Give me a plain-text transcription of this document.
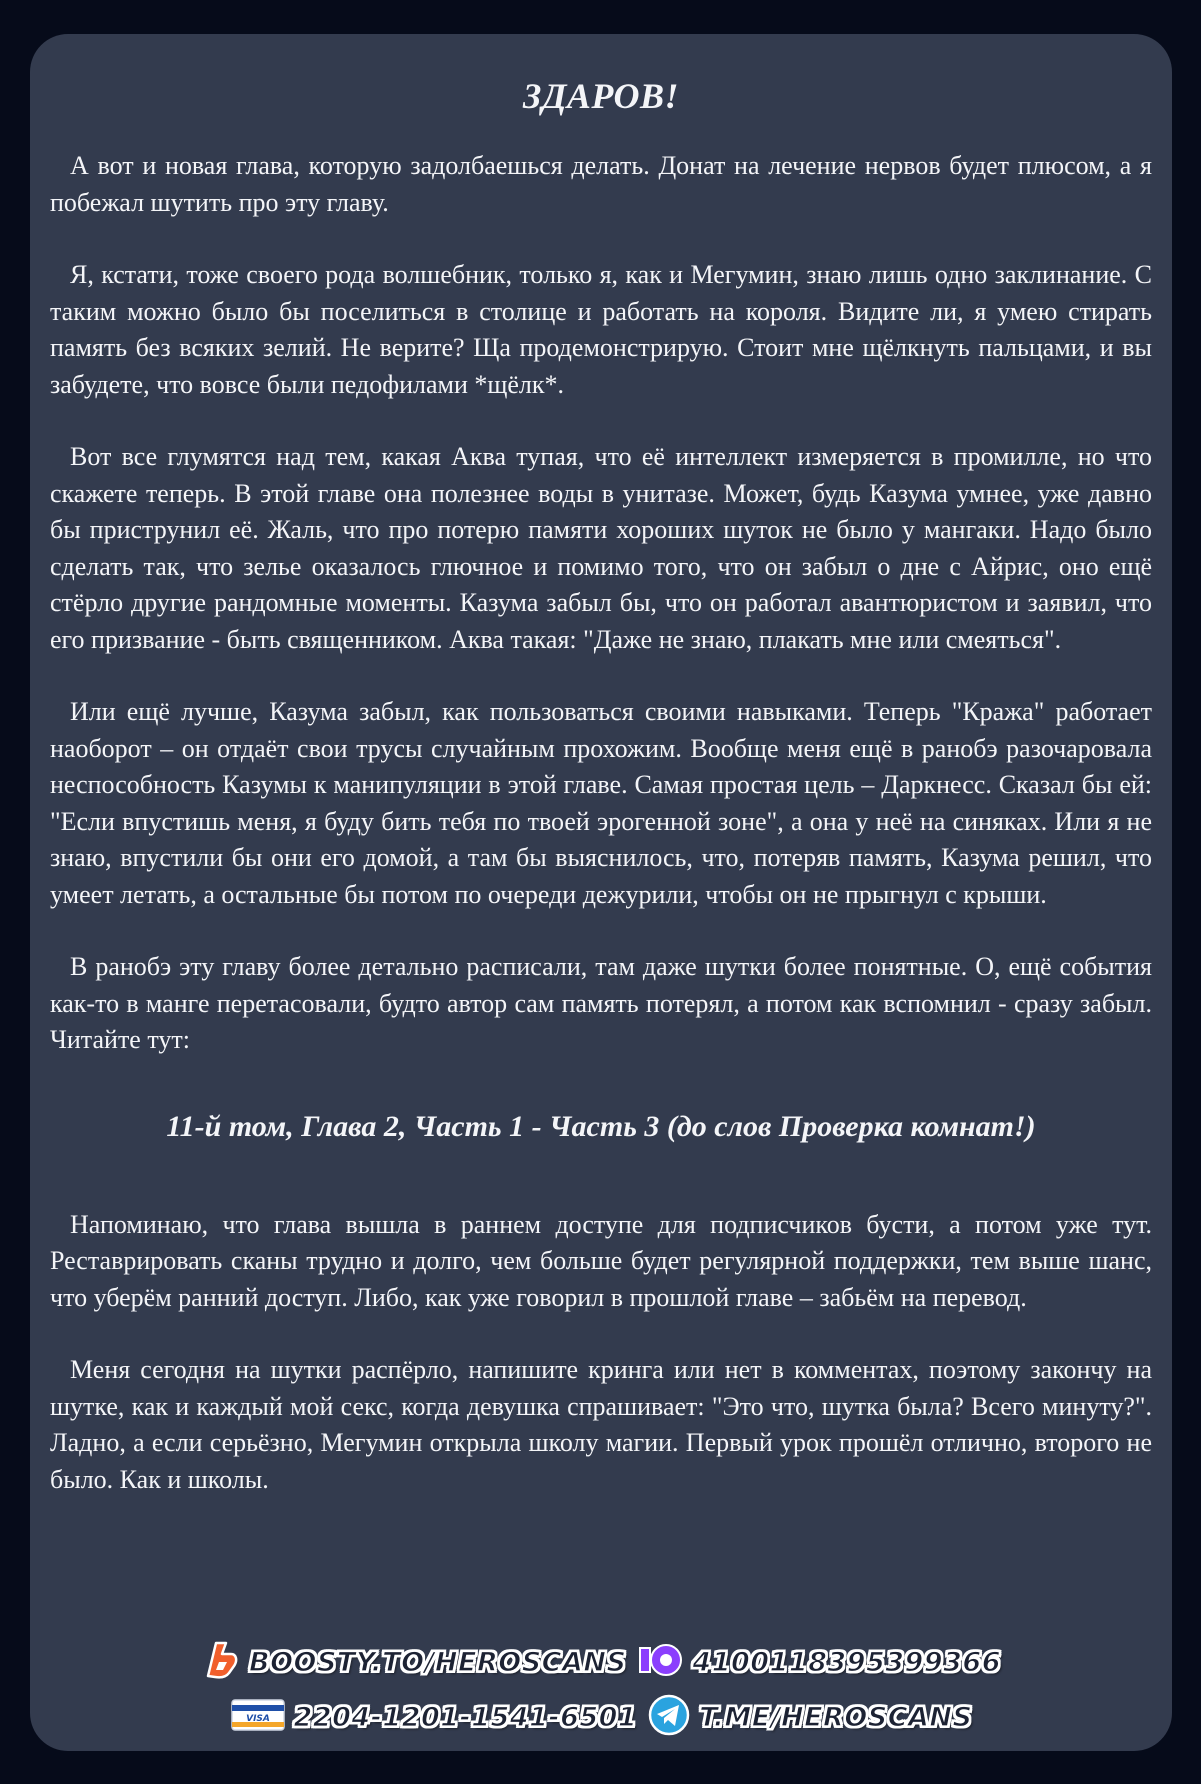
ЗДАРОВ!

А вот и новая глава, которую задолбаешься делать. Донат на лечение нервов будет плюсом, а я побежал шутить про эту главу.

Я, кстати, тоже своего рода волшебник, только я, как и Мегумин, знаю лишь одно заклинание. С таким можно было бы поселиться в столице и работать на короля. Видите ли, я умею стирать память без всяких зелий. Не верите? Ща продемонстрирую. Стоит мне щёлкнуть пальцами, и вы забудете, что вовсе были педофилами *щёлк*.

Вот все глумятся над тем, какая Аква тупая, что её интеллект измеряется в промилле, но что скажете теперь. В этой главе она полезнее воды в унитазе. Может, будь Казума умнее, уже давно бы приструнил её. Жаль, что про потерю памяти хороших шуток не было у мангаки. Надо было сделать так, что зелье оказалось глючное и помимо того, что он забыл о дне с Айрис, оно ещё стёрло другие рандомные моменты. Казума забыл бы, что он работал авантюристом и заявил, что его призвание - быть священником. Аква такая: "Даже не знаю, плакать мне или смеяться".

Или ещё лучше, Казума забыл, как пользоваться своими навыками. Теперь "Кража" работает наоборот – он отдаёт свои трусы случайным прохожим. Вообще меня ещё в ранобэ разочаровала неспособность Казумы к манипуляции в этой главе. Самая простая цель – Даркнесс. Сказал бы ей: "Если впустишь меня, я буду бить тебя по твоей эрогенной зоне", а она у неё на синяках. Или я не знаю, впустили бы они его домой, а там бы выяснилось, что, потеряв память, Казума решил, что умеет летать, а остальные бы потом по очереди дежурили, чтобы он не прыгнул с крыши.

В ранобэ эту главу более детально расписали, там даже шутки более понятные. О, ещё события как-то в манге перетасовали, будто автор сам память потерял, а потом как вспомнил - сразу забыл. Читайте тут:

11-й том, Глава 2, Часть 1 - Часть 3 (до слов Проверка комнат!)

Напоминаю, что глава вышла в раннем доступе для подписчиков бусти, а потом уже тут. Реставрировать сканы трудно и долго, чем больше будет регулярной поддержки, тем выше шанс, что уберём ранний доступ. Либо, как уже говорил в прошлой главе – забьём на перевод.

Меня сегодня на шутки распёрло, напишите кринга или нет в комментах, поэтому закончу на шутке, как и каждый мой секс, когда девушка спрашивает: "Это что, шутка была? Всего минуту?". Ладно, а если серьёзно, Мегумин открыла школу магии. Первый урок прошёл отлично, второго не было. Как и школы.

BOOSTY.TO/HEROSCANS 4100118395399366
VISA 2204-1201-1541-6501 T.ME/HEROSCANS
